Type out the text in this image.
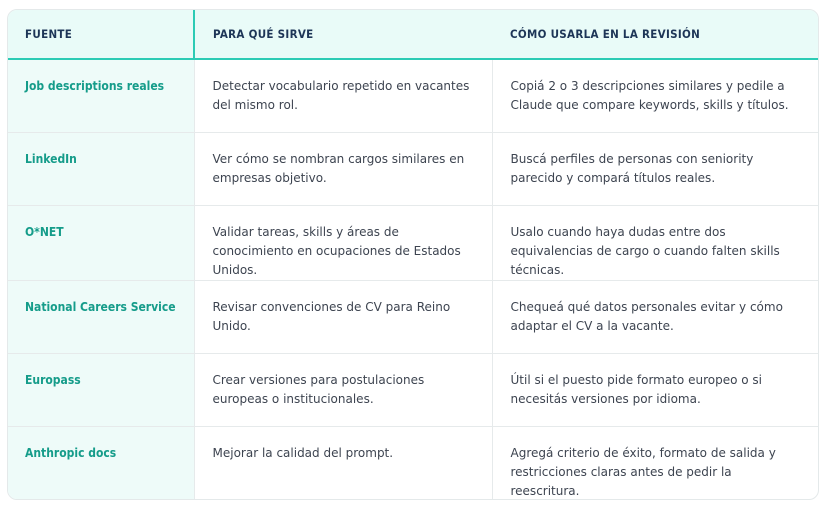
FUENTE	PARA QUÉ SIRVE	CÓMO USARLA EN LA REVISIÓN
Job descriptions reales	Detectar vocabulario repetido en vacantes del mismo rol.	Copiá 2 o 3 descripciones similares y pedile a Claude que compare keywords, skills y títulos.
LinkedIn	Ver cómo se nombran cargos similares en empresas objetivo.	Buscá perfiles de personas con seniority parecido y compará títulos reales.
O*NET	Validar tareas, skills y áreas de conocimiento en ocupaciones de Estados Unidos.	Usalo cuando haya dudas entre dos equivalencias de cargo o cuando falten skills técnicas.
National Careers Service	Revisar convenciones de CV para Reino Unido.	Chequeá qué datos personales evitar y cómo adaptar el CV a la vacante.
Europass	Crear versiones para postulaciones europeas o institucionales.	Útil si el puesto pide formato europeo o si necesitás versiones por idioma.
Anthropic docs	Mejorar la calidad del prompt.	Agregá criterio de éxito, formato de salida y restricciones claras antes de pedir la reescritura.
